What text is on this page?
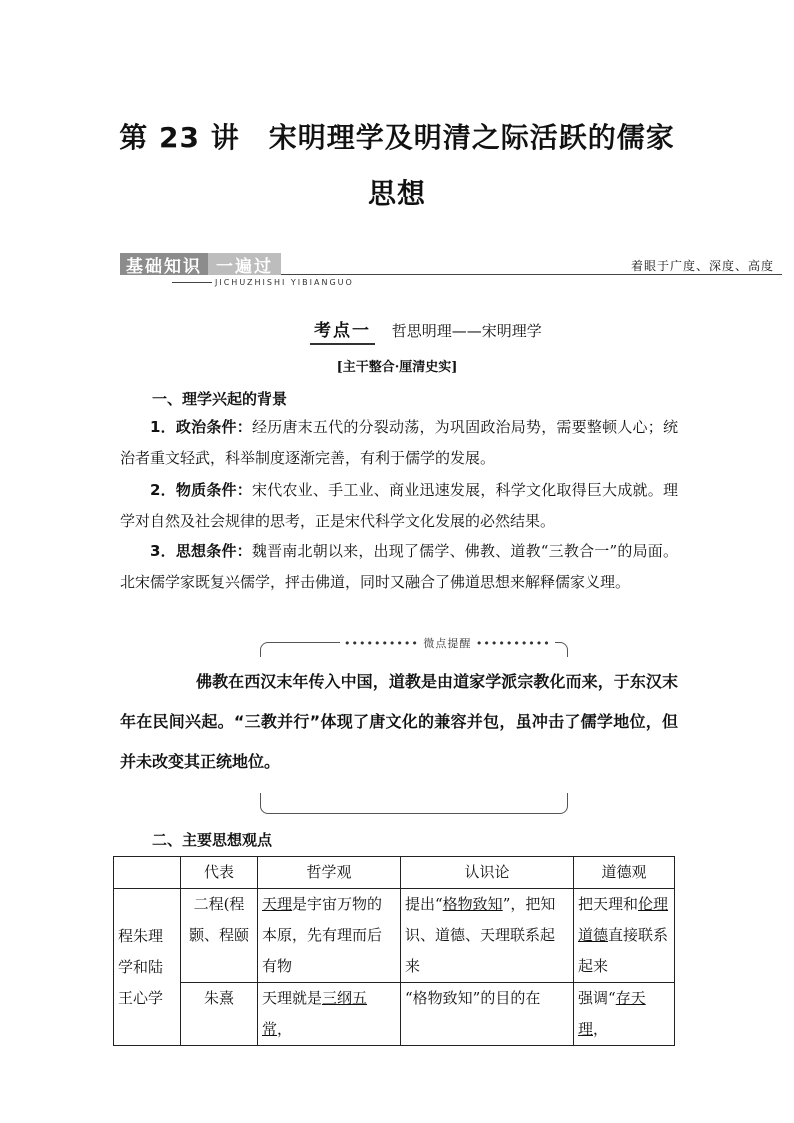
第 23 讲　宋明理学及明清之际活跃的儒家
思想
基础知识 一遍过
JICHUZHISHI YIBIANGUO
着眼于广度、深度、高度
考点一 哲思明理——宋明理学
[主干整合·厘清史实]
一、理学兴起的背景
1．政治条件：经历唐末五代的分裂动荡，为巩固政治局势，需要整顿人心；统治者重文轻武，科举制度逐渐完善，有利于儒学的发展。
2．物质条件：宋代农业、手工业、商业迅速发展，科学文化取得巨大成就。理学对自然及社会规律的思考，正是宋代科学文化发展的必然结果。
3．思想条件：魏晋南北朝以来，出现了儒学、佛教、道教“三教合一”的局面。北宋儒学家既复兴儒学，抨击佛道，同时又融合了佛道思想来解释儒家义理。
•••••••••• 微点提醒 ••••••••••
佛教在西汉末年传入中国，道教是由道家学派宗教化而来，于东汉末年在民间兴起。“三教并行”体现了唐文化的兼容并包，虽冲击了儒学地位，但并未改变其正统地位。
二、主要思想观点
	代表	哲学观	认识论	道德观
程朱理学和陆王心学	二程(程颢、程颐	天理是宇宙万物的本原，先有理而后有物	提出“格物致知”，把知识、道德、天理联系起来	把天理和伦理道德直接联系起来
	朱熹	天理就是三纲五常，	“格物致知”的目的在	强调“存天理，
